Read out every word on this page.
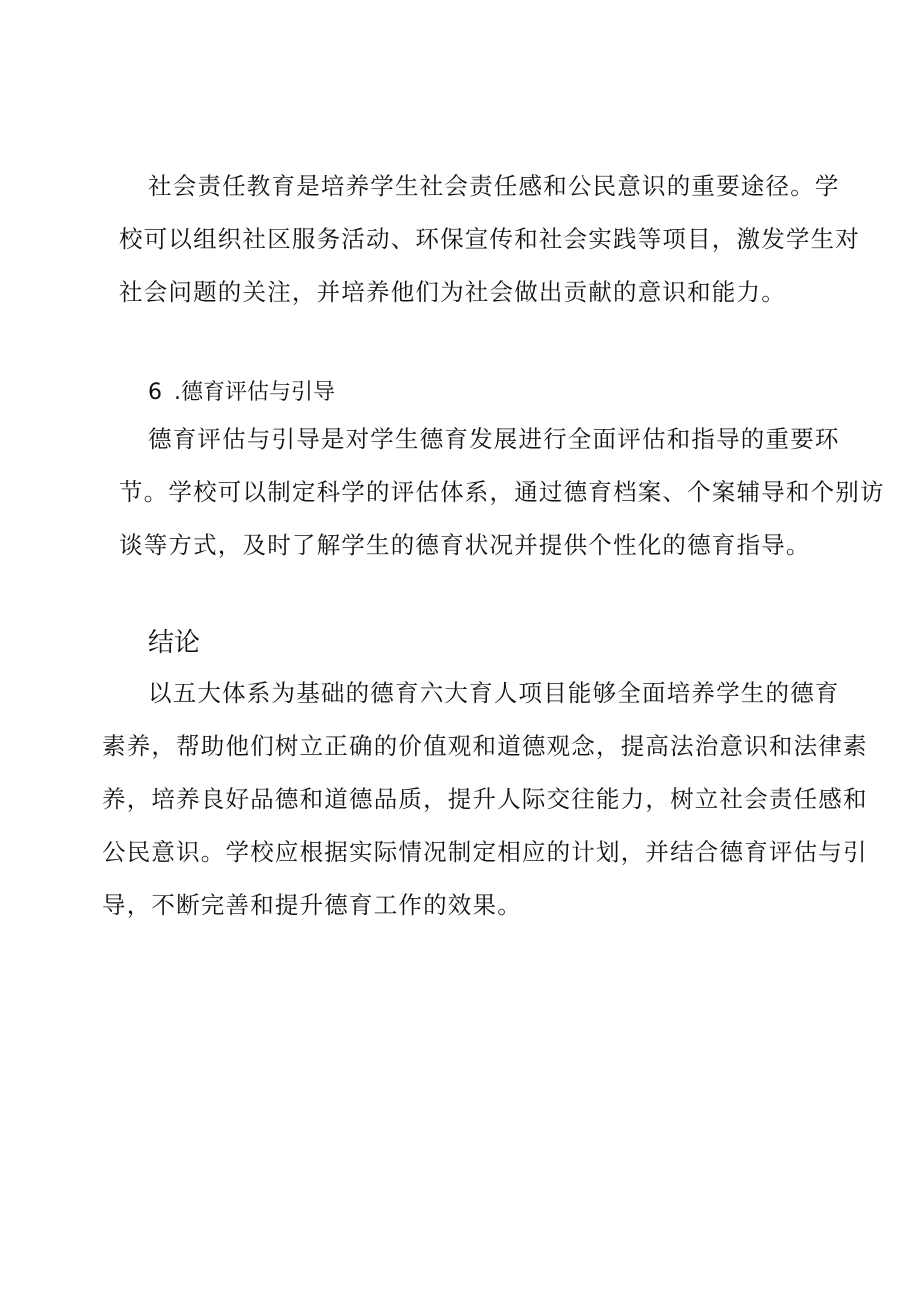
社会责任教育是培养学生社会责任感和公民意识的重要途径。学
校可以组织社区服务活动、环保宣传和社会实践等项目，激发学生对
社会问题的关注，并培养他们为社会做出贡献的意识和能力。

6 .德育评估与引导

德育评估与引导是对学生德育发展进行全面评估和指导的重要环
节。学校可以制定科学的评估体系，通过德育档案、个案辅导和个别访
谈等方式，及时了解学生的德育状况并提供个性化的德育指导。

结论

以五大体系为基础的德育六大育人项目能够全面培养学生的德育
素养，帮助他们树立正确的价值观和道德观念，提高法治意识和法律素
养，培养良好品德和道德品质，提升人际交往能力，树立社会责任感和
公民意识。学校应根据实际情况制定相应的计划，并结合德育评估与引
导，不断完善和提升德育工作的效果。
